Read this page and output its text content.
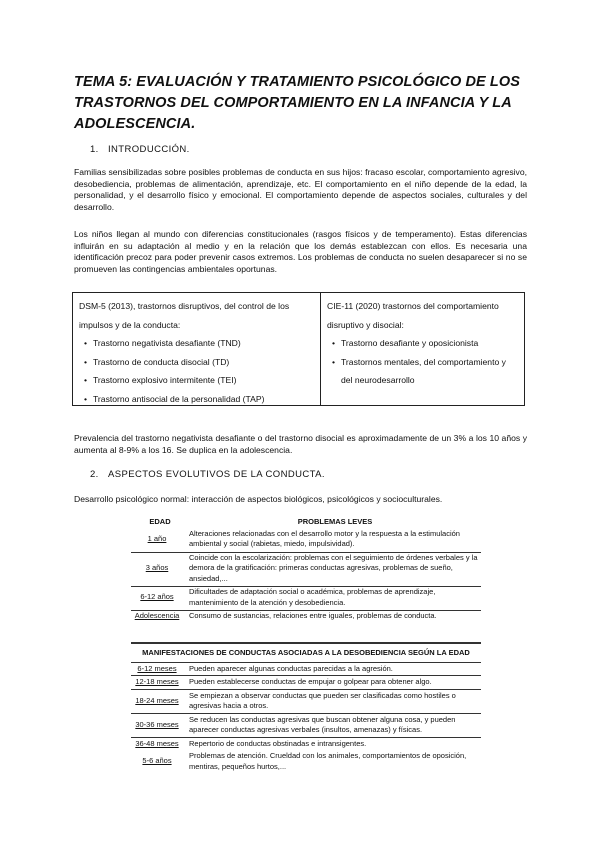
TEMA 5: EVALUACIÓN Y TRATAMIENTO PSICOLÓGICO DE LOS TRASTORNOS DEL COMPORTAMIENTO EN LA INFANCIA Y LA ADOLESCENCIA.
1. INTRODUCCIÓN.

Familias sensibilizadas sobre posibles problemas de conducta en sus hijos: fracaso escolar, comportamiento agresivo, desobediencia, problemas de alimentación, aprendizaje, etc. El comportamiento en el niño depende de la edad, la personalidad, y el desarrollo físico y emocional. El comportamiento depende de aspectos sociales, culturales y del desarrollo.

Los niños llegan al mundo con diferencias constitucionales (rasgos físicos y de temperamento). Estas diferencias influirán en su adaptación al medio y en la relación que los demás establezcan con ellos. Es necesaria una identificación precoz para poder prevenir casos extremos. Los problemas de conducta no suelen desaparecer si no se promueven las contingencias ambientales oportunas.

DSM-5 (2013), trastornos disruptivos, del control de los impulsos y de la conducta:
• Trastorno negativista desafiante (TND)
• Trastorno de conducta disocial (TD)
• Trastorno explosivo intermitente (TEI)
• Trastorno antisocial de la personalidad (TAP)
CIE-11 (2020) trastornos del comportamiento disruptivo y disocial:
• Trastorno desafiante y oposicionista
• Trastornos mentales, del comportamiento y del neurodesarrollo

Prevalencia del trastorno negativista desafiante o del trastorno disocial es aproximadamente de un 3% a los 10 años y aumenta al 8-9% a los 16. Se duplica en la adolescencia.

2. ASPECTOS EVOLUTIVOS DE LA CONDUCTA.

Desarrollo psicológico normal: interacción de aspectos biológicos, psicológicos y socioculturales.

EDAD	PROBLEMAS LEVES
1 año	Alteraciones relacionadas con el desarrollo motor y la respuesta a la estimulación ambiental y social (rabietas, miedo, impulsividad).
3 años	Coincide con la escolarización: problemas con el seguimiento de órdenes verbales y la demora de la gratificación: primeras conductas agresivas, problemas de sueño, ansiedad,...
6-12 años	Dificultades de adaptación social o académica, problemas de aprendizaje, mantenimiento de la atención y desobediencia.
Adolescencia	Consumo de sustancias, relaciones entre iguales, problemas de conducta.
MANIFESTACIONES DE CONDUCTAS ASOCIADAS A LA DESOBEDIENCIA SEGÚN LA EDAD	
6-12 meses	Pueden aparecer algunas conductas parecidas a la agresión.
12-18 meses	Pueden establecerse conductas de empujar o golpear para obtener algo.
18-24 meses	Se empiezan a observar conductas que pueden ser clasificadas como hostiles o agresivas hacia a otros.
30-36 meses	Se reducen las conductas agresivas que buscan obtener alguna cosa, y pueden aparecer conductas agresivas verbales (insultos, amenazas) y físicas.
36-48 meses	Repertorio de conductas obstinadas e intransigentes.
5-6 años	Problemas de atención. Crueldad con los animales, comportamientos de oposición, mentiras, pequeños hurtos,...
